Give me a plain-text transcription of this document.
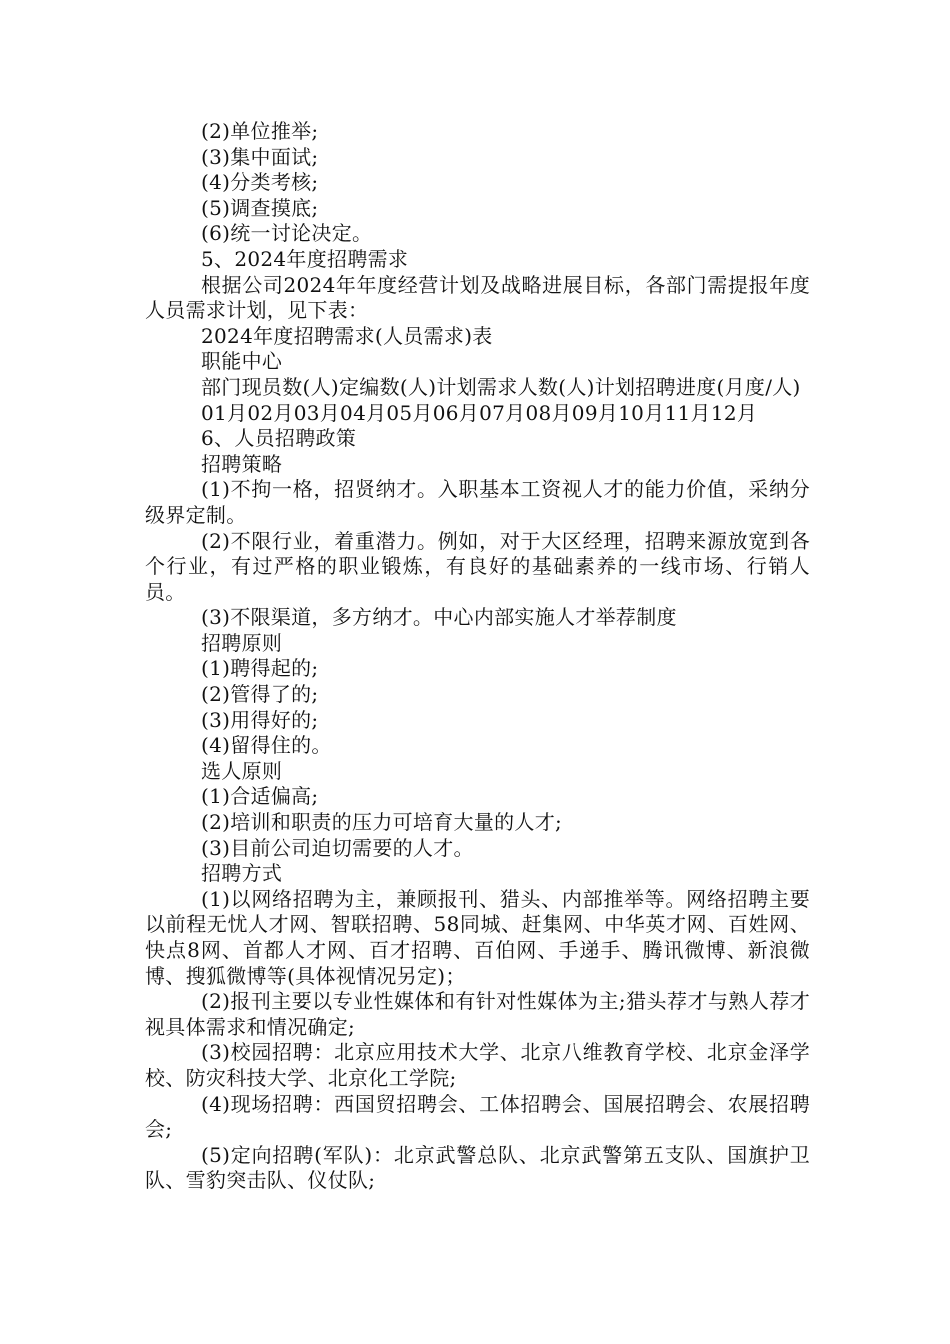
(2)单位推举;

(3)集中面试;

(4)分类考核;

(5)调查摸底;

(6)统一讨论决定。

5、2024年度招聘需求

根据公司2024年年度经营计划及战略进展目标，各部门需提报年度人员需求计划，见下表：

2024年度招聘需求(人员需求)表

职能中心

部门现员数(人)定编数(人)计划需求人数(人)计划招聘进度(月度/人)

01月02月03月04月05月06月07月08月09月10月11月12月

6、人员招聘政策

招聘策略

(1)不拘一格，招贤纳才。入职基本工资视人才的能力价值，采纳分级界定制。

(2)不限行业，着重潜力。例如，对于大区经理，招聘来源放宽到各个行业，有过严格的职业锻炼，有良好的基础素养的一线市场、行销人员。

(3)不限渠道，多方纳才。中心内部实施人才举荐制度

招聘原则

(1)聘得起的;

(2)管得了的;

(3)用得好的;

(4)留得住的。

选人原则

(1)合适偏高;

(2)培训和职责的压力可培育大量的人才;

(3)目前公司迫切需要的人才。

招聘方式

(1)以网络招聘为主，兼顾报刊、猎头、内部推举等。网络招聘主要以前程无忧人才网、智联招聘、58同城、赶集网、中华英才网、百姓网、快点8网、首都人才网、百才招聘、百伯网、手递手、腾讯微博、新浪微博、搜狐微博等(具体视情况另定)；

(2)报刊主要以专业性媒体和有针对性媒体为主;猎头荐才与熟人荐才视具体需求和情况确定;

(3)校园招聘：北京应用技术大学、北京八维教育学校、北京金泽学校、防灾科技大学、北京化工学院;

(4)现场招聘：西国贸招聘会、工体招聘会、国展招聘会、农展招聘会;

(5)定向招聘(军队)：北京武警总队、北京武警第五支队、国旗护卫队、雪豹突击队、仪仗队;
